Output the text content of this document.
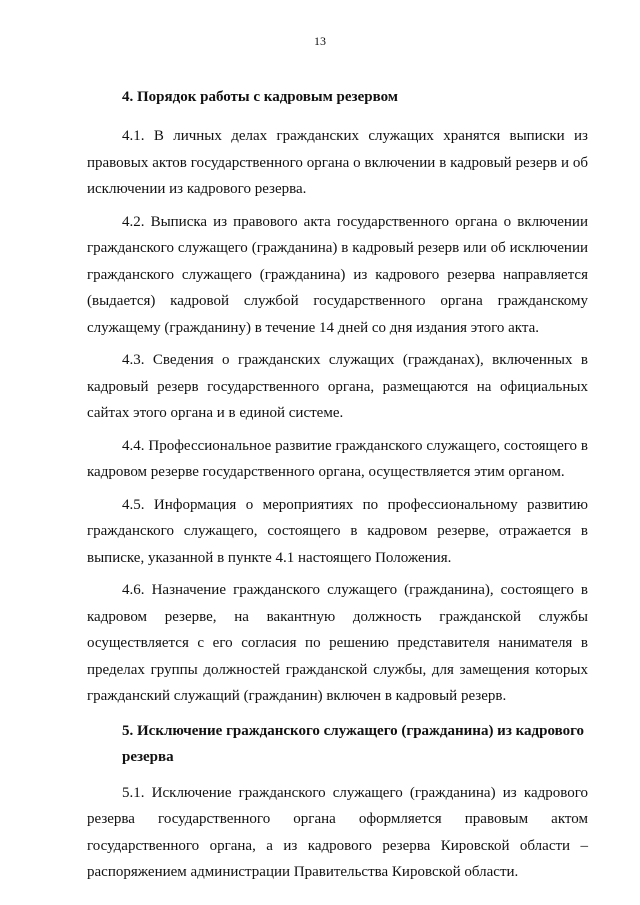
13
4. Порядок работы с кадровым резервом

4.1. В личных делах гражданских служащих хранятся выписки из правовых актов государственного органа о включении в кадровый резерв и об исключении из кадрового резерва.

4.2. Выписка из правового акта государственного органа о включении гражданского служащего (гражданина) в кадровый резерв или об исключении гражданского служащего (гражданина) из кадрового резерва направляется (выдается) кадровой службой государственного органа гражданскому служащему (гражданину) в течение 14 дней со дня издания этого акта.

4.3. Сведения о гражданских служащих (гражданах), включенных в кадровый резерв государственного органа, размещаются на официальных сайтах этого органа и в единой системе.

4.4. Профессиональное развитие гражданского служащего, состоящего в кадровом резерве государственного органа, осуществляется этим органом.

4.5. Информация о мероприятиях по профессиональному развитию гражданского служащего, состоящего в кадровом резерве, отражается в выписке, указанной в пункте 4.1 настоящего Положения.

4.6. Назначение гражданского служащего (гражданина), состоящего в кадровом резерве, на вакантную должность гражданской службы осуществляется с его согласия по решению представителя нанимателя в пределах группы должностей гражданской службы, для замещения которых гражданский служащий (гражданин) включен в кадровый резерв.

5. Исключение гражданского служащего (гражданина) из кадрового
резерва

5.1. Исключение гражданского служащего (гражданина) из кадрового резерва государственного органа оформляется правовым актом государственного органа, а из кадрового резерва Кировской области – распоряжением администрации Правительства Кировской области.
